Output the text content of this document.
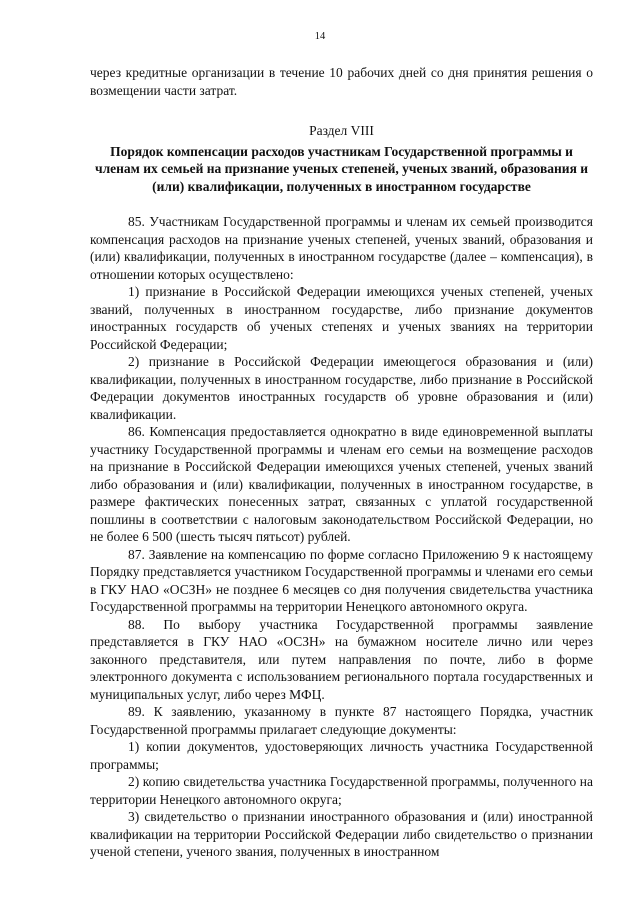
14

через кредитные организации в течение 10 рабочих дней со дня принятия решения о возмещении части затрат.

Раздел VIII

Порядок компенсации расходов участникам Государственной программы и членам их семьей на признание ученых степеней, ученых званий, образования и (или) квалификации, полученных в иностранном государстве

85. Участникам Государственной программы и членам их семьей производится компенсация расходов на признание ученых степеней, ученых званий, образования и (или) квалификации, полученных в иностранном государстве (далее – компенсация), в отношении которых осуществлено:

1) признание в Российской Федерации имеющихся ученых степеней, ученых званий, полученных в иностранном государстве, либо признание документов иностранных государств об ученых степенях и ученых званиях на территории Российской Федерации;

2) признание в Российской Федерации имеющегося образования и (или) квалификации, полученных в иностранном государстве, либо признание в Российской Федерации документов иностранных государств об уровне образования и (или) квалификации.

86. Компенсация предоставляется однократно в виде единовременной выплаты участнику Государственной программы и членам его семьи на возмещение расходов на признание в Российской Федерации имеющихся ученых степеней, ученых званий либо образования и (или) квалификации, полученных в иностранном государстве, в размере фактических понесенных затрат, связанных с уплатой государственной пошлины в соответствии с налоговым законодательством Российской Федерации, но не более 6 500 (шесть тысяч пятьсот) рублей.

87. Заявление на компенсацию по форме согласно Приложению 9 к настоящему Порядку представляется участником Государственной программы и членами его семьи в ГКУ НАО «ОСЗН» не позднее 6 месяцев со дня получения свидетельства участника Государственной программы на территории Ненецкого автономного округа.

88. По выбору участника Государственной программы заявление представляется в ГКУ НАО «ОСЗН» на бумажном носителе лично или через законного представителя, или путем направления по почте, либо в форме электронного документа с использованием регионального портала государственных и муниципальных услуг, либо через МФЦ.

89. К заявлению, указанному в пункте 87 настоящего Порядка, участник Государственной программы прилагает следующие документы:

1) копии документов, удостоверяющих личность участника Государственной программы;

2) копию свидетельства участника Государственной программы, полученного на территории Ненецкого автономного округа;

3) свидетельство о признании иностранного образования и (или) иностранной квалификации на территории Российской Федерации либо свидетельство о признании ученой степени, ученого звания, полученных в иностранном
